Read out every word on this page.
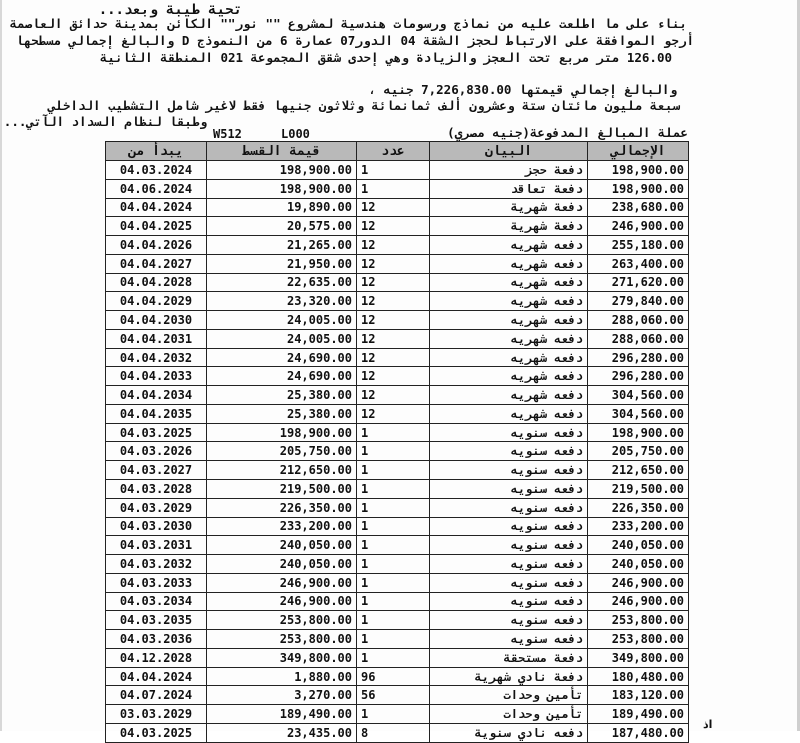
تحية طيبة وبعد...
بناء على ما اطلعت عليه من نماذج ورسومات هندسية لمشروع "" نور"" الكائن بمدينة حدائق العاصمة
أرجو الموافقة على الارتباط لحجز الشقة 04 الدور07 عمارة 6 من النموذج D والبالغ إجمالي مسطحها
126.00 متر مربع تحت العجز والزيادة وهي إحدى شقق المجموعة 021 المنطقة الثانية
والبالغ إجمالي قيمتها 7,226,830.00 جنيه ،
سبعة مليون مائتان ستة وعشرون ألف ثمانمائة وثلاثون جنيها فقط لاغير شامل التشطيب الداخلي
وطبقا لنظام السداد الآتي...
W512	L000	عملة المبالغ المدفوعة(جنيه مصري)
يبدأ من	قيمة القسط	عدد	البيان	الإجمالي
04.03.2024	198,900.00	1	دفعة حجز	198,900.00
04.06.2024	198,900.00	1	دفعة تعاقد	198,900.00
04.04.2024	19,890.00	12	دفعة شهرية	238,680.00
04.04.2025	20,575.00	12	دفعة شهرية	246,900.00
04.04.2026	21,265.00	12	دفعه شهريه	255,180.00
04.04.2027	21,950.00	12	دفعه شهريه	263,400.00
04.04.2028	22,635.00	12	دفعه شهريه	271,620.00
04.04.2029	23,320.00	12	دفعه شهريه	279,840.00
04.04.2030	24,005.00	12	دفعه شهريه	288,060.00
04.04.2031	24,005.00	12	دفعه شهريه	288,060.00
04.04.2032	24,690.00	12	دفعه شهريه	296,280.00
04.04.2033	24,690.00	12	دفعه شهريه	296,280.00
04.04.2034	25,380.00	12	دفعه شهريه	304,560.00
04.04.2035	25,380.00	12	دفعه شهريه	304,560.00
04.03.2025	198,900.00	1	دفعه سنويه	198,900.00
04.03.2026	205,750.00	1	دفعه سنويه	205,750.00
04.03.2027	212,650.00	1	دفعه سنويه	212,650.00
04.03.2028	219,500.00	1	دفعه سنويه	219,500.00
04.03.2029	226,350.00	1	دفعه سنويه	226,350.00
04.03.2030	233,200.00	1	دفعه سنويه	233,200.00
04.03.2031	240,050.00	1	دفعه سنويه	240,050.00
04.03.2032	240,050.00	1	دفعه سنويه	240,050.00
04.03.2033	246,900.00	1	دفعه سنويه	246,900.00
04.03.2034	246,900.00	1	دفعه سنويه	246,900.00
04.03.2035	253,800.00	1	دفعه سنويه	253,800.00
04.03.2036	253,800.00	1	دفعه سنويه	253,800.00
04.12.2028	349,800.00	1	دفعة مستحقة	349,800.00
04.04.2024	1,880.00	96	دفعة نادي شهرية	180,480.00
04.07.2024	3,270.00	56	تأمين وحدات	183,120.00
03.03.2029	189,490.00	1	تأمين وحدات	189,490.00
04.03.2025	23,435.00	8	دفعه نادي سنوية	187,480.00
اذ
